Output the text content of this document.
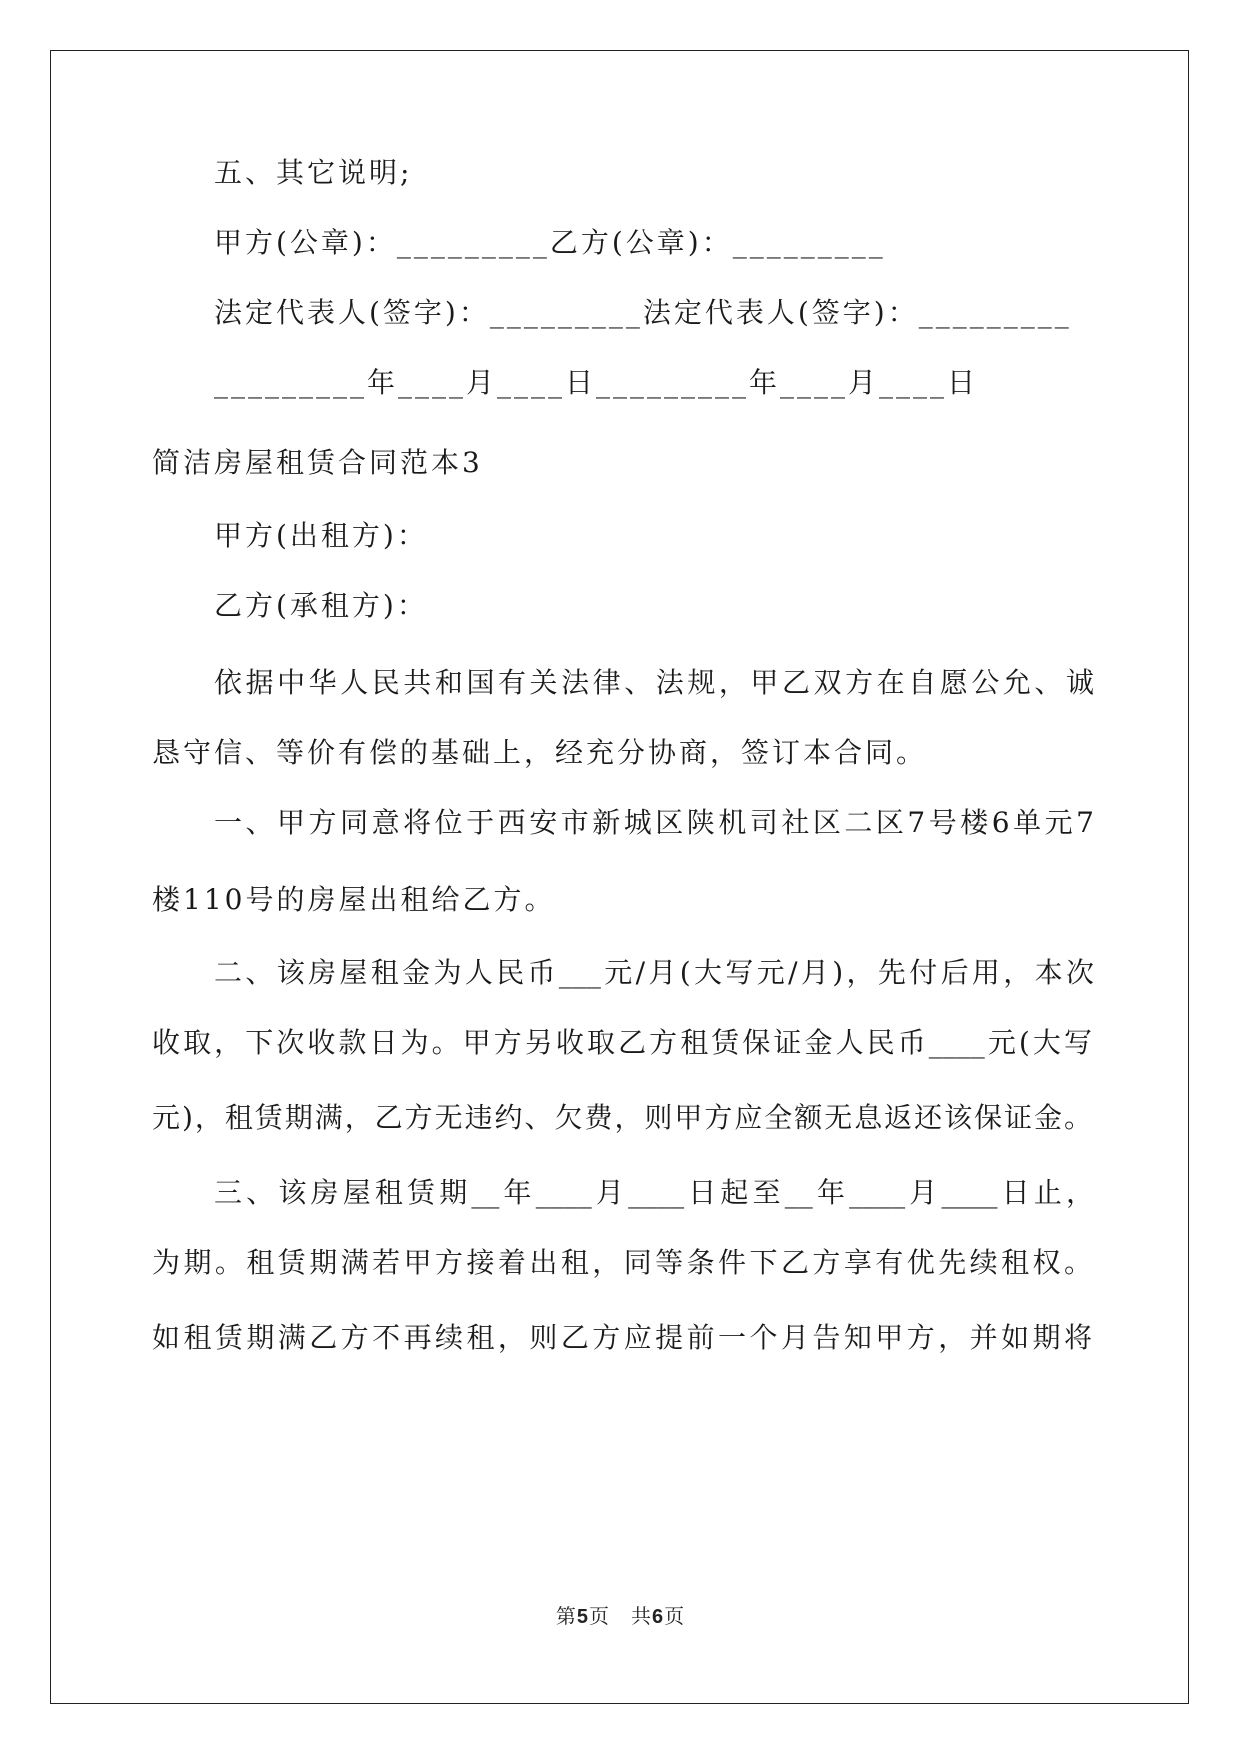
五、其它说明;
甲方(公章)：_________乙方(公章)：_________
法定代表人(签字)：_________法定代表人(签字)：_________
_________年____月____日_________年____月____日
简洁房屋租赁合同范本3
甲方(出租方)：
乙方(承租方)：
依据中华人民共和国有关法律、法规，甲乙双方在自愿公允、诚
恳守信、等价有偿的基础上，经充分协商，签订本合同。
一、甲方同意将位于西安市新城区陕机司社区二区7号楼6单元7
楼110号的房屋出租给乙方。
二、该房屋租金为人民币___元/月(大写元/月)，先付后用，本次
收取，下次收款日为。甲方另收取乙方租赁保证金人民币____元(大写
元)，租赁期满，乙方无违约、欠费，则甲方应全额无息返还该保证金。
三、该房屋租赁期__年____月____日起至__年____月____日止，
为期。租赁期满若甲方接着出租，同等条件下乙方享有优先续租权。
如租赁期满乙方不再续租，则乙方应提前一个月告知甲方，并如期将
第5页　共6页
